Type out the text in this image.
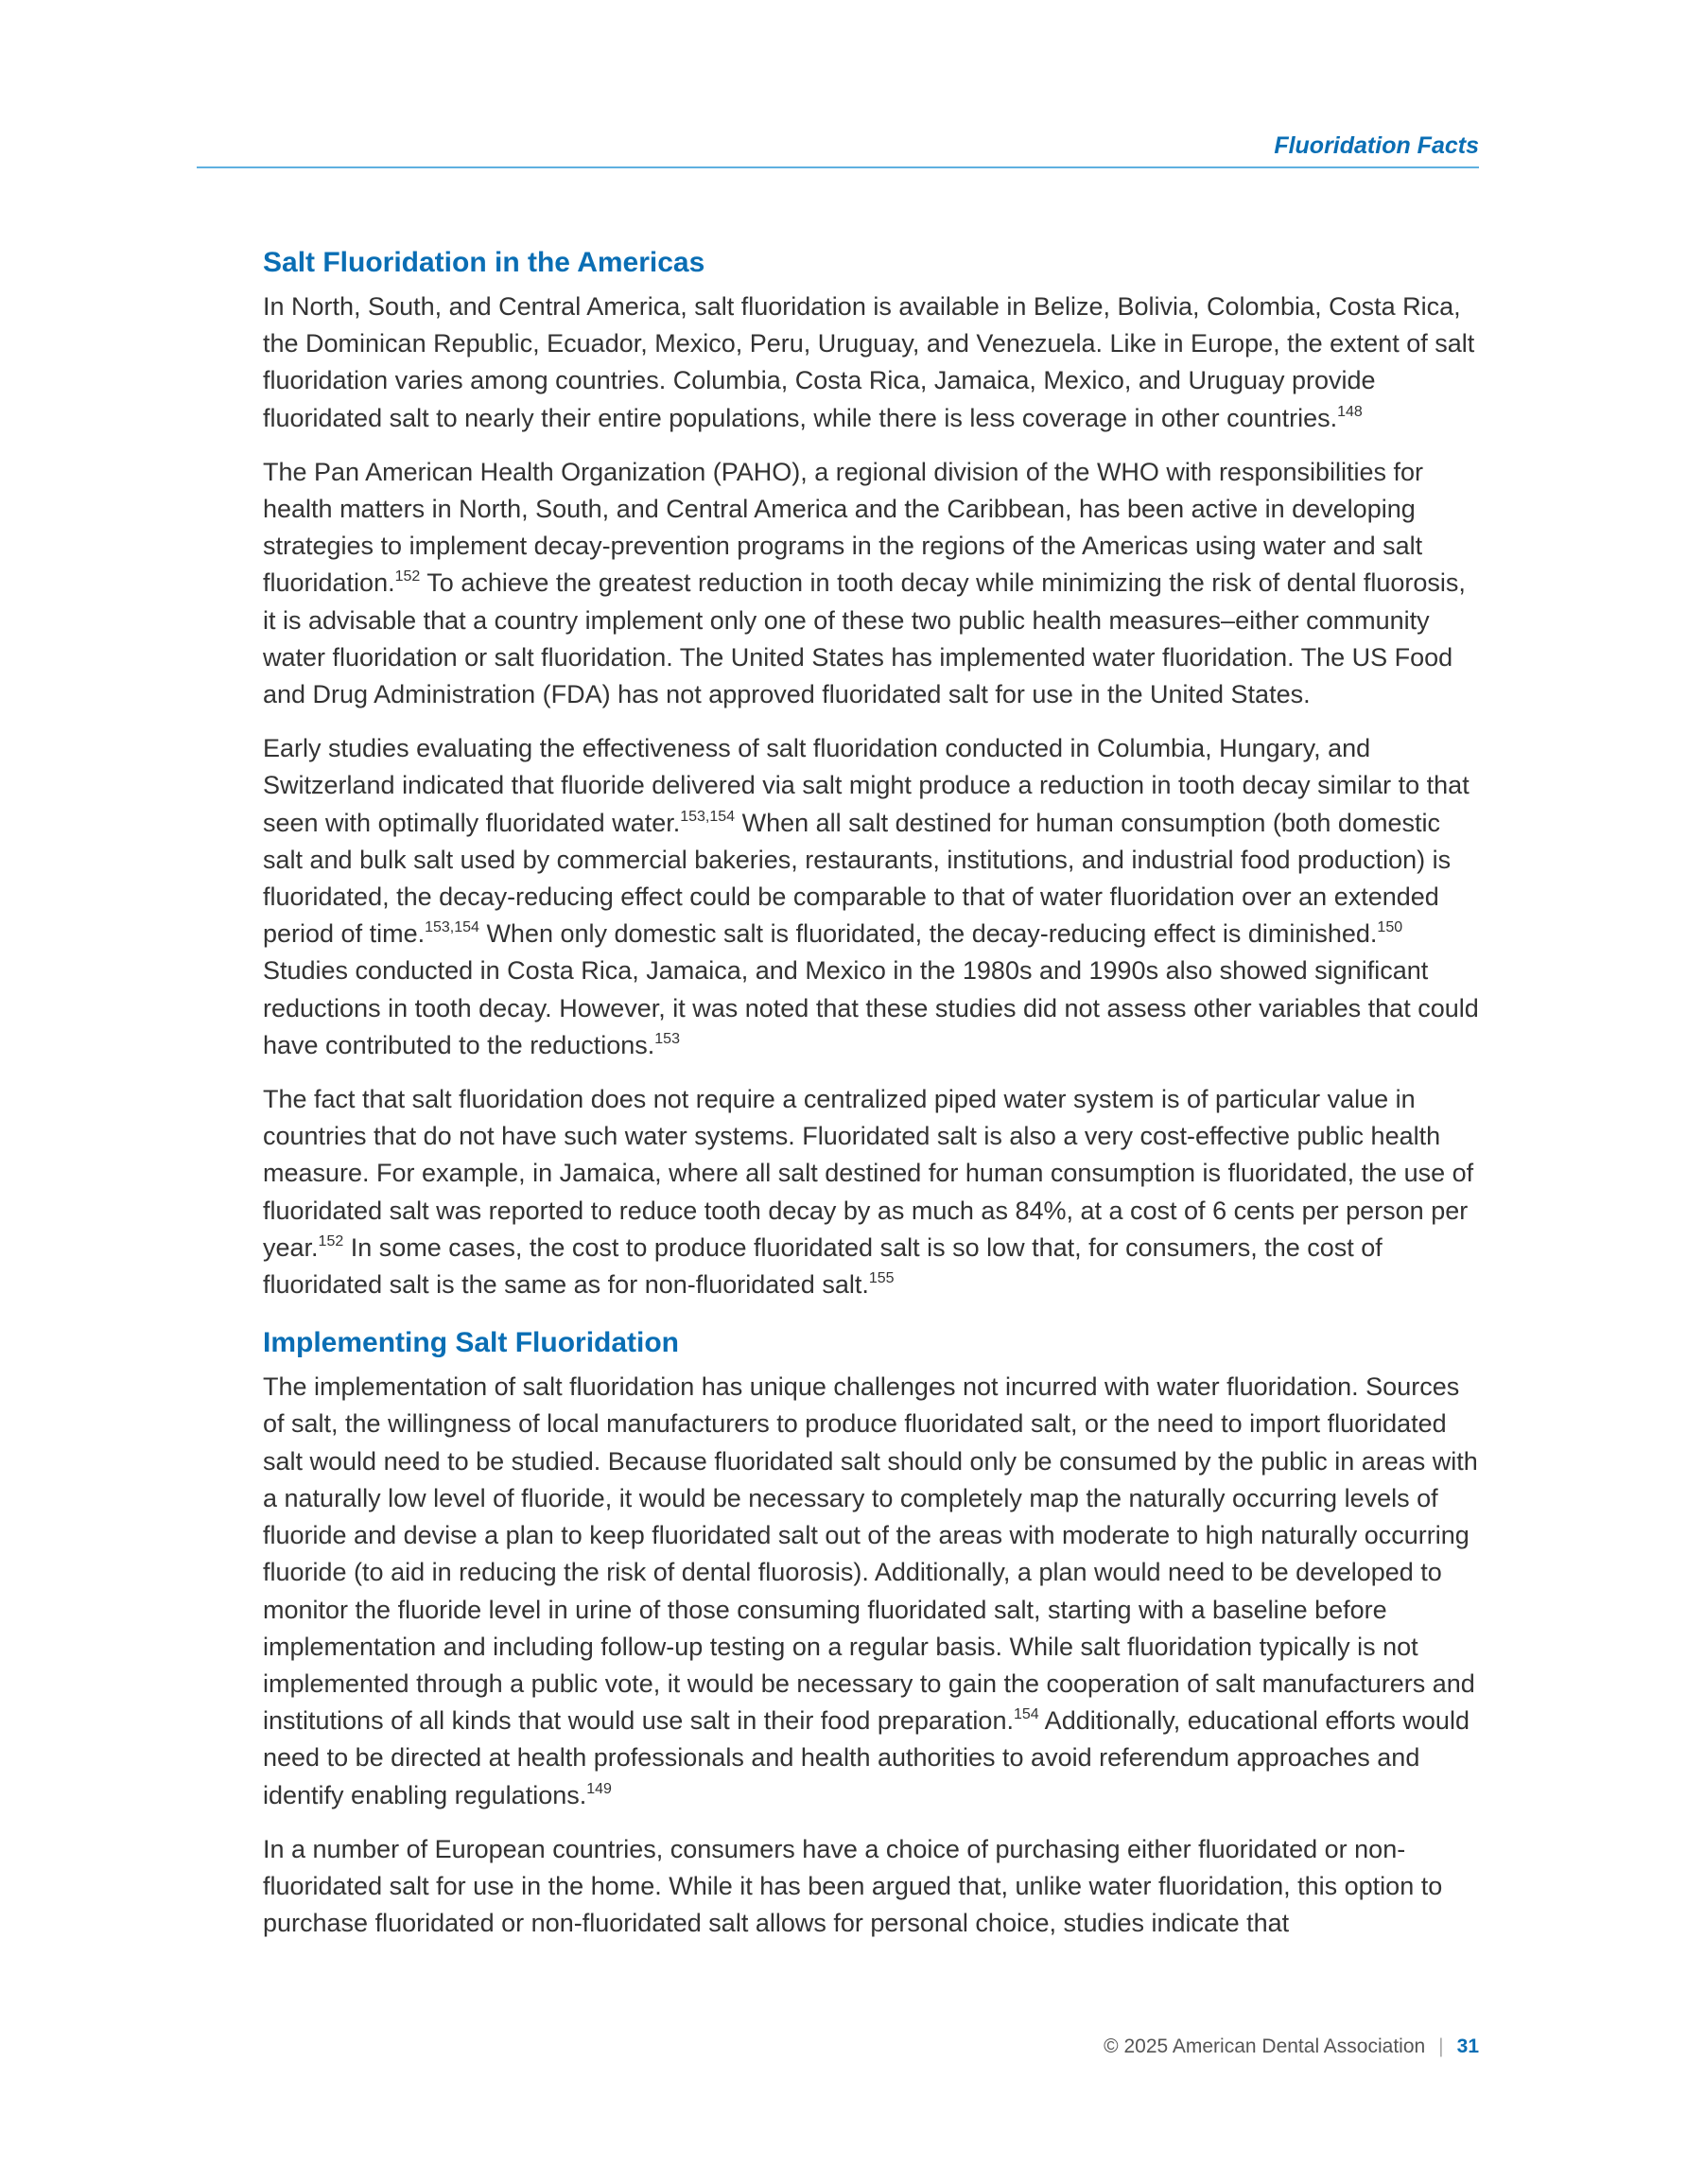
Fluoridation Facts
Salt Fluoridation in the Americas

In North, South, and Central America, salt fluoridation is available in Belize, Bolivia, Colombia, Costa Rica, the Dominican Republic, Ecuador, Mexico, Peru, Uruguay, and Venezuela. Like in Europe, the extent of salt fluoridation varies among countries. Columbia, Costa Rica, Jamaica, Mexico, and Uruguay provide fluoridated salt to nearly their entire populations, while there is less coverage in other countries.$^{148}$

The Pan American Health Organization (PAHO), a regional division of the WHO with responsibilities for health matters in North, South, and Central America and the Caribbean, has been active in developing strategies to implement decay-prevention programs in the regions of the Americas using water and salt fluoridation.$^{152}$ To achieve the greatest reduction in tooth decay while minimizing the risk of dental fluorosis, it is advisable that a country implement only one of these two public health measures–either community water fluoridation or salt fluoridation. The United States has implemented water fluoridation. The US Food and Drug Administration (FDA) has not approved fluoridated salt for use in the United States.

Early studies evaluating the effectiveness of salt fluoridation conducted in Columbia, Hungary, and Switzerland indicated that fluoride delivered via salt might produce a reduction in tooth decay similar to that seen with optimally fluoridated water.$^{153,154}$ When all salt destined for human consumption (both domestic salt and bulk salt used by commercial bakeries, restaurants, institutions, and industrial food production) is fluoridated, the decay-reducing effect could be comparable to that of water fluoridation over an extended period of time.$^{153,154}$ When only domestic salt is fluoridated, the decay-reducing effect is diminished.$^{150}$ Studies conducted in Costa Rica, Jamaica, and Mexico in the 1980s and 1990s also showed significant reductions in tooth decay. However, it was noted that these studies did not assess other variables that could have contributed to the reductions.$^{153}$

The fact that salt fluoridation does not require a centralized piped water system is of particular value in countries that do not have such water systems. Fluoridated salt is also a very cost-effective public health measure. For example, in Jamaica, where all salt destined for human consumption is fluoridated, the use of fluoridated salt was reported to reduce tooth decay by as much as 84%, at a cost of 6 cents per person per year.$^{152}$ In some cases, the cost to produce fluoridated salt is so low that, for consumers, the cost of fluoridated salt is the same as for non-fluoridated salt.$^{155}$

Implementing Salt Fluoridation

The implementation of salt fluoridation has unique challenges not incurred with water fluoridation. Sources of salt, the willingness of local manufacturers to produce fluoridated salt, or the need to import fluoridated salt would need to be studied. Because fluoridated salt should only be consumed by the public in areas with a naturally low level of fluoride, it would be necessary to completely map the naturally occurring levels of fluoride and devise a plan to keep fluoridated salt out of the areas with moderate to high naturally occurring fluoride (to aid in reducing the risk of dental fluorosis). Additionally, a plan would need to be developed to monitor the fluoride level in urine of those consuming fluoridated salt, starting with a baseline before implementation and including follow-up testing on a regular basis. While salt fluoridation typically is not implemented through a public vote, it would be necessary to gain the cooperation of salt manufacturers and institutions of all kinds that would use salt in their food preparation.$^{154}$ Additionally, educational efforts would need to be directed at health professionals and health authorities to avoid referendum approaches and identify enabling regulations.$^{149}$

In a number of European countries, consumers have a choice of purchasing either fluoridated or non-fluoridated salt for use in the home. While it has been argued that, unlike water fluoridation, this option to purchase fluoridated or non-fluoridated salt allows for personal choice, studies indicate that

© 2025 American Dental Association | 31
